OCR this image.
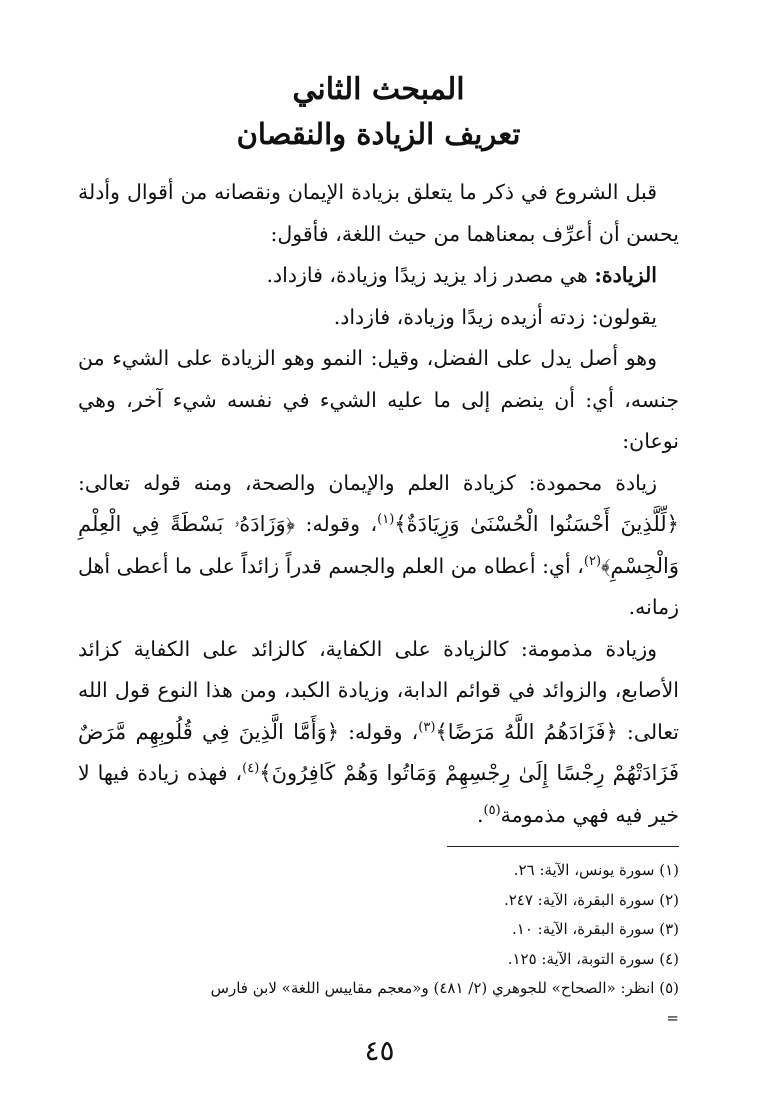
المبحث الثاني
تعريف الزيادة والنقصان

قبل الشروع في ذكر ما يتعلق بزيادة الإيمان ونقصانه من أقوال وأدلة يحسن أن أعرِّف بمعناهما من حيث اللغة، فأقول:

الزيادة: هي مصدر زاد يزيد زيدًا وزيادة، فازداد.

يقولون: زدته أزيده زيدًا وزيادة، فازداد.

وهو أصل يدل على الفضل، وقيل: النمو وهو الزيادة على الشيء من جنسه، أي: أن ينضم إلى ما عليه الشيء في نفسه شيء آخر، وهي نوعان:

زيادة محمودة: كزيادة العلم والإيمان والصحة، ومنه قوله تعالى: ﴿لِّلَّذِينَ أَحْسَنُوا الْحُسْنَىٰ وَزِيَادَةٌ﴾$^{(١)}$، وقوله: ﴿وَزَادَهُۥ بَسْطَةً فِي الْعِلْمِ وَالْجِسْمِ﴾$^{(٢)}$، أي: أعطاه من العلم والجسم قدراً زائداً على ما أعطى أهل زمانه.

وزيادة مذمومة: كالزيادة على الكفاية، كالزائد على الكفاية كزائد الأصابع، والزوائد في قوائم الدابة، وزيادة الكبد، ومن هذا النوع قول الله تعالى: ﴿فَزَادَهُمُ اللَّهُ مَرَضًا﴾$^{(٣)}$، وقوله: ﴿وَأَمَّا الَّذِينَ فِي قُلُوبِهِم مَّرَضٌ فَزَادَتْهُمْ رِجْسًا إِلَىٰ رِجْسِهِمْ وَمَاتُوا وَهُمْ كَافِرُونَ﴾$^{(٤)}$، فهذه زيادة فيها لا خير فيه فهي مذمومة$^{(٥)}$.

(١) سورة يونس، الآية: ٢٦.
(٢) سورة البقرة، الآية: ٢٤٧.
(٣) سورة البقرة، الآية: ١٠.
(٤) سورة التوبة، الآية: ١٢٥.
(٥) انظر: «الصحاح» للجوهري (٢/ ٤٨١) و«معجم مقاييس اللغة» لابن فارس
=
٤٥
